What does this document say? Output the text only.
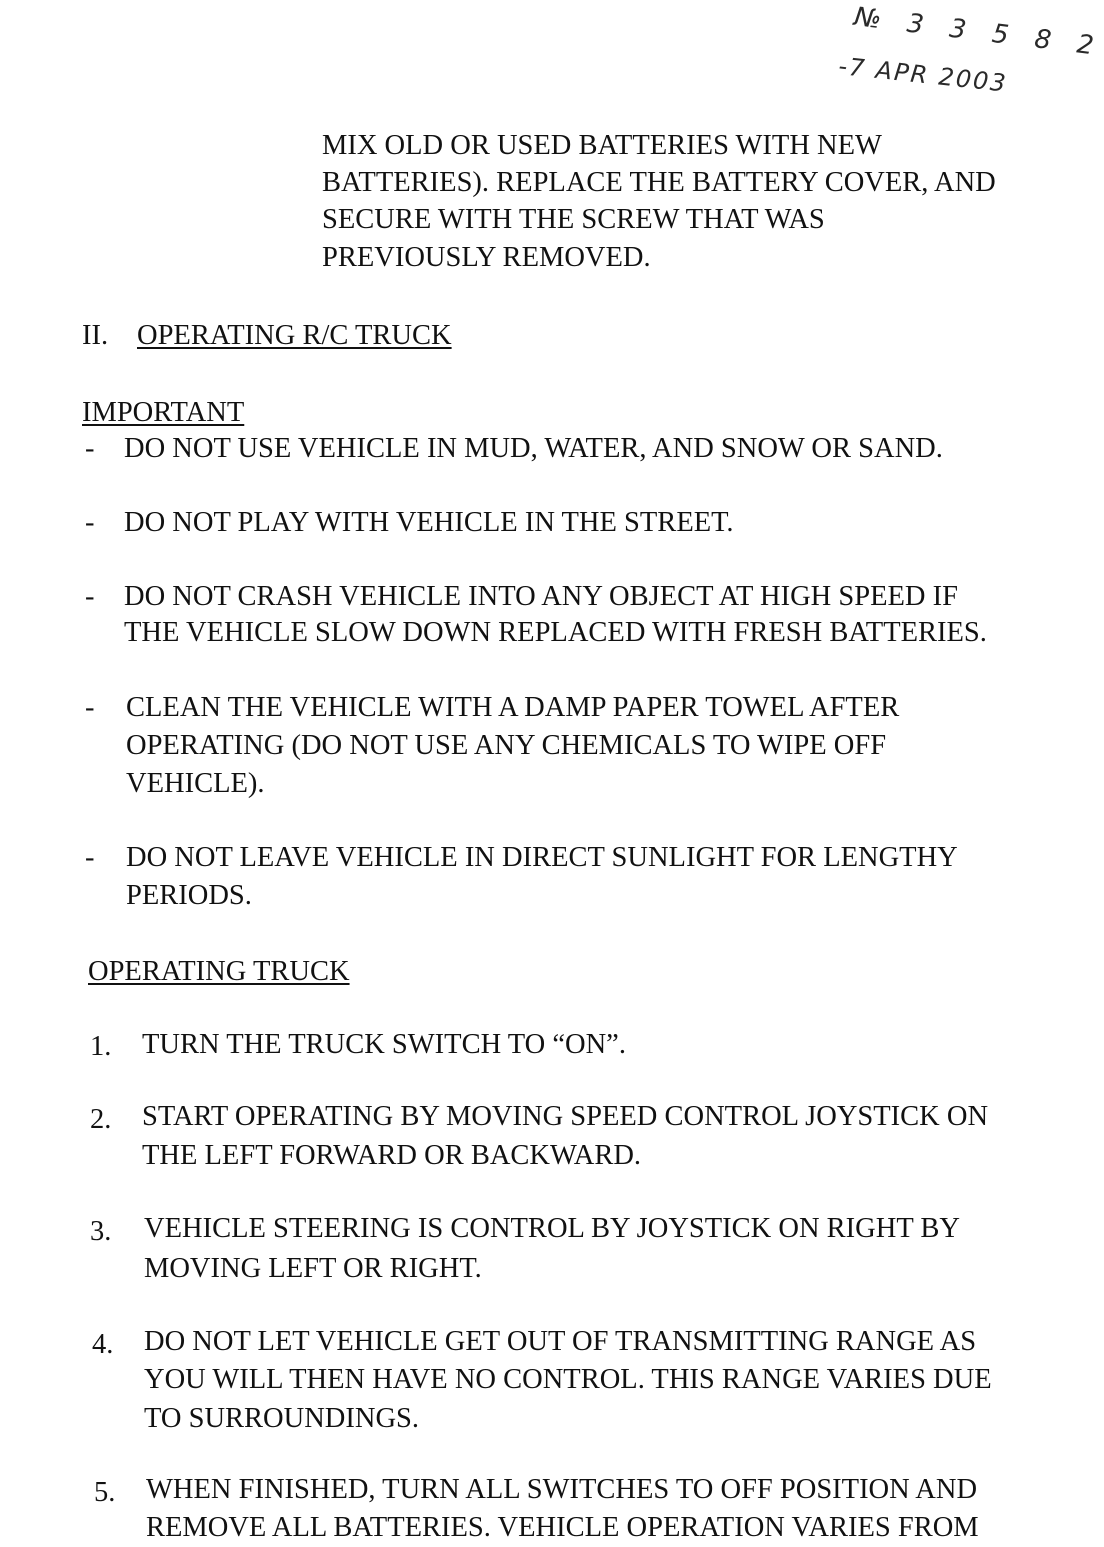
№ 3 3 5 8 2
-7 APR 2003
MIX OLD OR USED BATTERIES WITH NEW
BATTERIES). REPLACE THE BATTERY COVER, AND
SECURE WITH THE SCREW THAT WAS
PREVIOUSLY REMOVED.
II. OPERATING R/C TRUCK
IMPORTANT
- DO NOT USE VEHICLE IN MUD, WATER, AND SNOW OR SAND.
- DO NOT PLAY WITH VEHICLE IN THE STREET.
- DO NOT CRASH VEHICLE INTO ANY OBJECT AT HIGH SPEED IF
THE VEHICLE SLOW DOWN REPLACED WITH FRESH BATTERIES.
- CLEAN THE VEHICLE WITH A DAMP PAPER TOWEL AFTER
OPERATING (DO NOT USE ANY CHEMICALS TO WIPE OFF
VEHICLE).
- DO NOT LEAVE VEHICLE IN DIRECT SUNLIGHT FOR LENGTHY
PERIODS.
OPERATING TRUCK
1. TURN THE TRUCK SWITCH TO “ON”.
2. START OPERATING BY MOVING SPEED CONTROL JOYSTICK ON
THE LEFT FORWARD OR BACKWARD.
3. VEHICLE STEERING IS CONTROL BY JOYSTICK ON RIGHT BY
MOVING LEFT OR RIGHT.
4. DO NOT LET VEHICLE GET OUT OF TRANSMITTING RANGE AS
YOU WILL THEN HAVE NO CONTROL. THIS RANGE VARIES DUE
TO SURROUNDINGS.
5. WHEN FINISHED, TURN ALL SWITCHES TO OFF POSITION AND
REMOVE ALL BATTERIES. VEHICLE OPERATION VARIES FROM
